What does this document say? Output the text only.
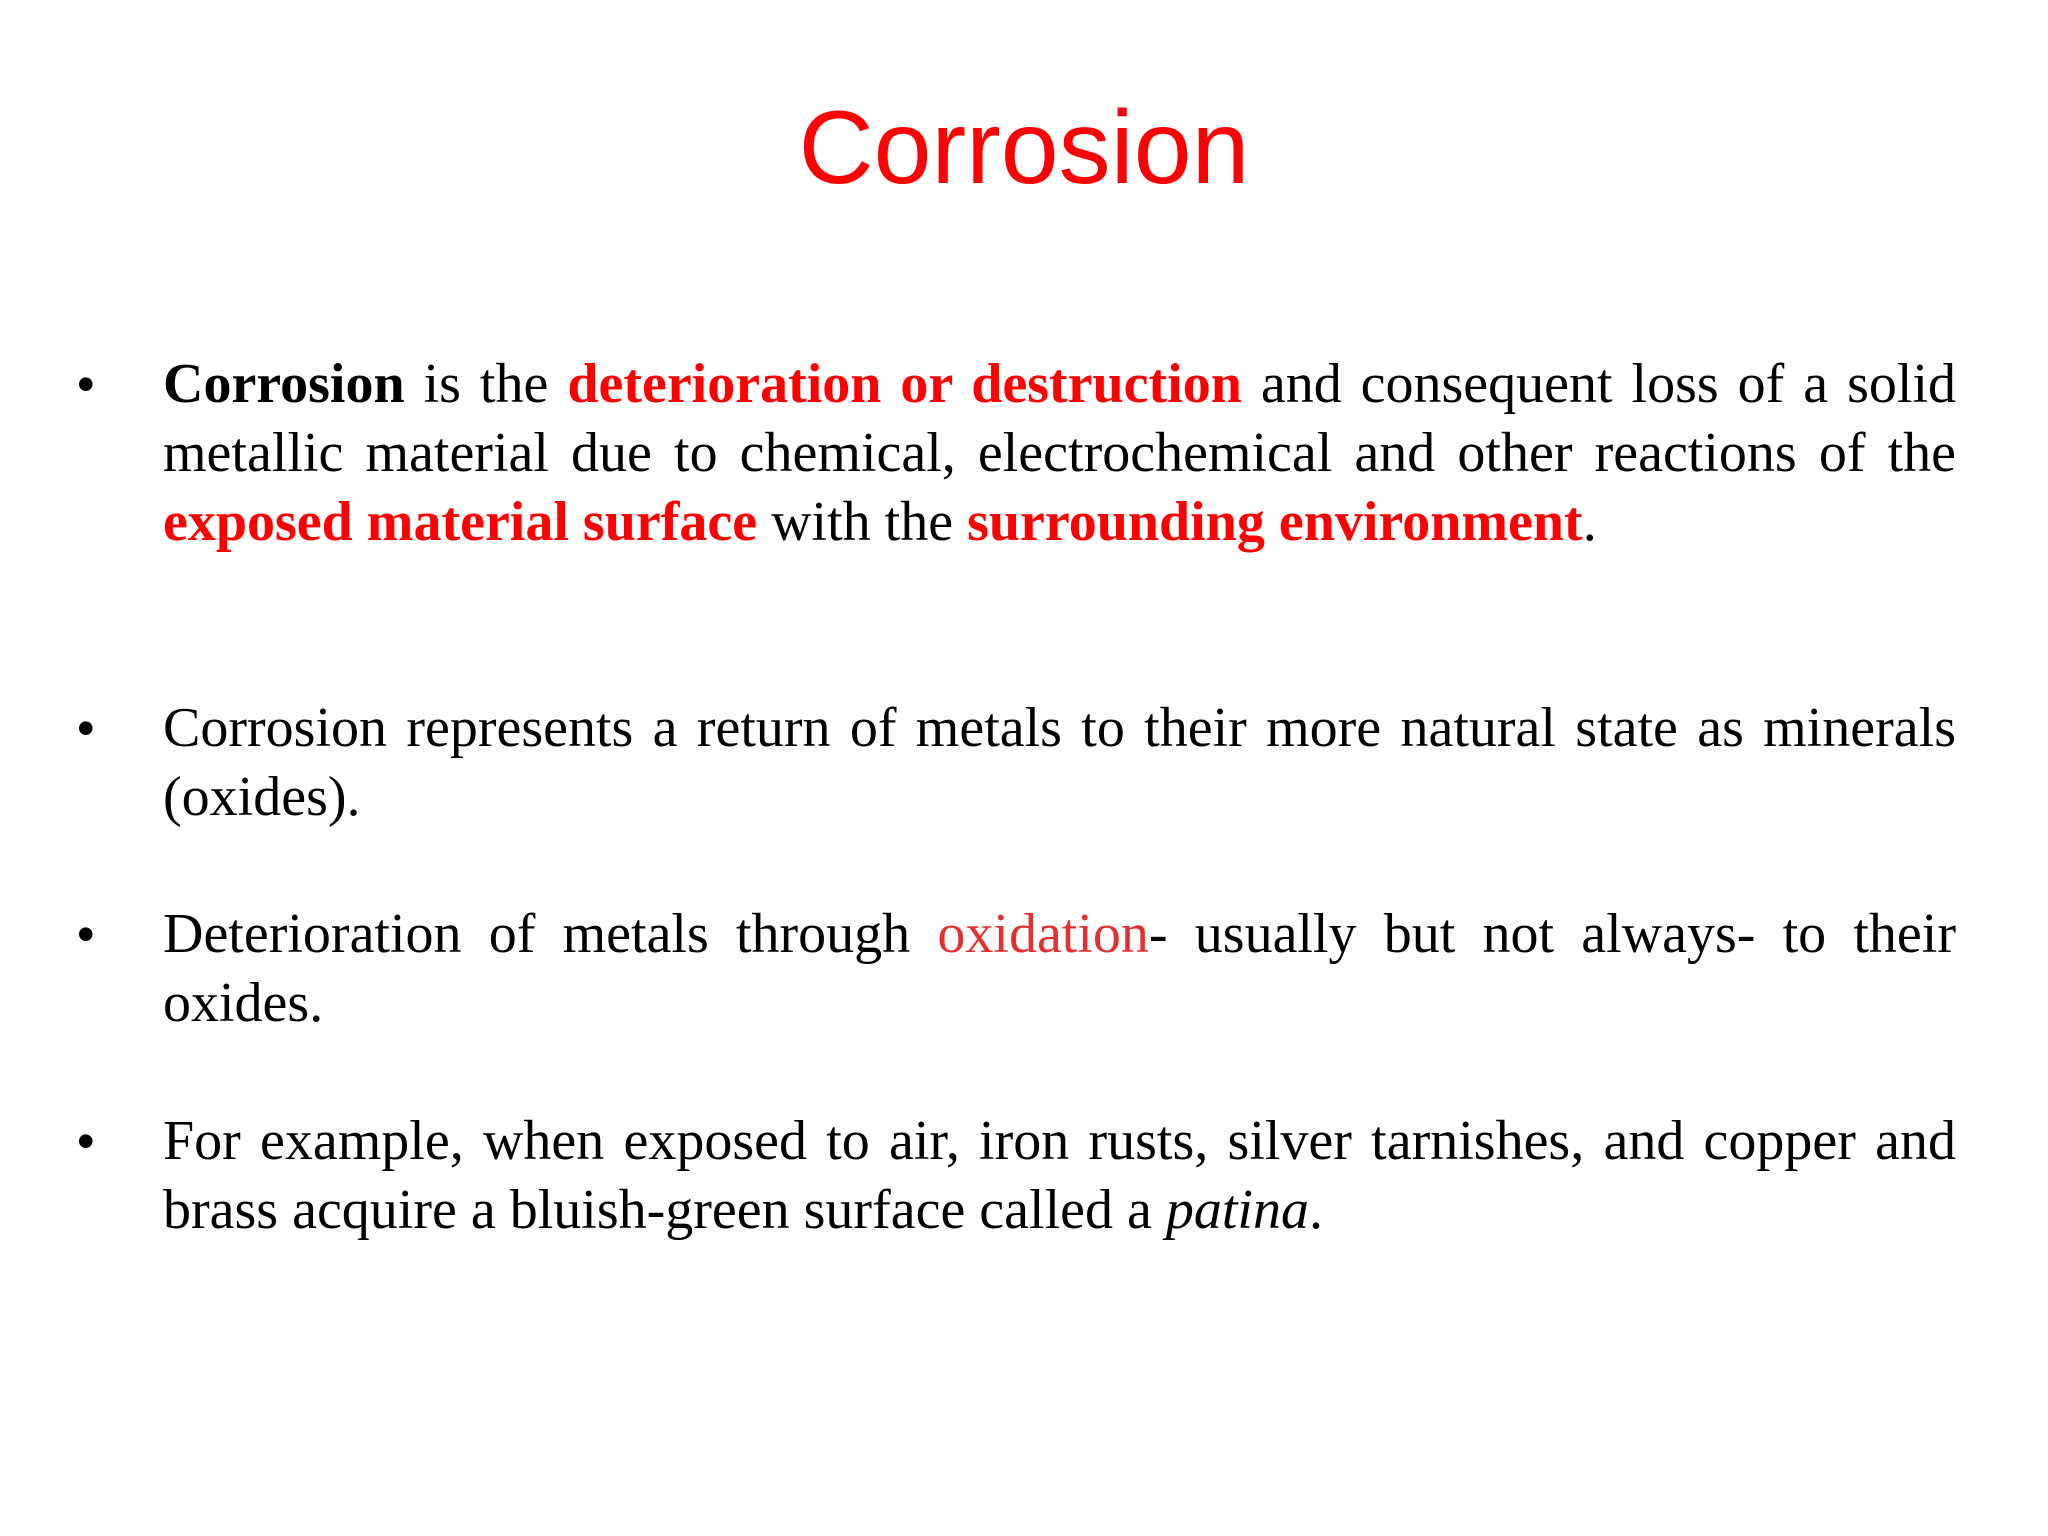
Corrosion
• Corrosion is the deterioration or destruction and consequent loss of a solid metallic material due to chemical, electrochemical and other reactions of the exposed material surface with the surrounding environment.
• Corrosion represents a return of metals to their more natural state as minerals (oxides).
• Deterioration of metals through oxidation- usually but not always- to their oxides.
• For example, when exposed to air, iron rusts, silver tarnishes, and copper and brass acquire a bluish-green surface called a patina.
